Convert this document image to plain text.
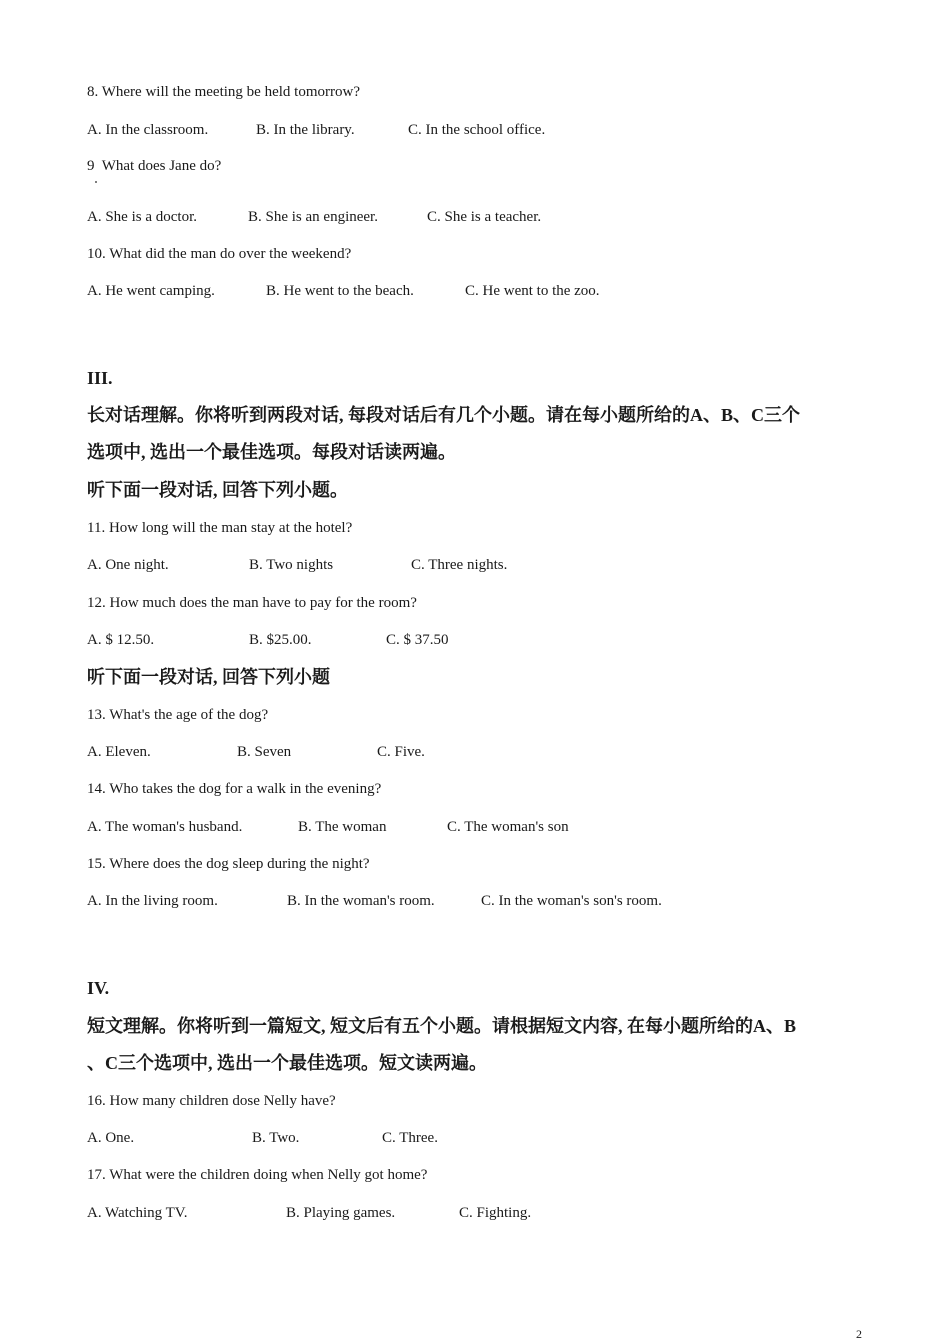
8. Where will the meeting be held tomorrow?
A. In the classroom.	B. In the library.	C. In the school office.
9  What does Jane do?
A. She is a doctor.	B. She is an engineer.	C. She is a teacher.
10. What did the man do over the weekend?
A. He went camping.	B. He went to the beach.	C. He went to the zoo.
III.
长对话理解。你将听到两段对话, 每段对话后有几个小题。请在每小题所给的A、B、C三个
选项中, 选出一个最佳选项。每段对话读两遍。
听下面一段对话, 回答下列小题。
11. How long will the man stay at the hotel?
A. One night.	B. Two nights	C. Three nights.
12. How much does the man have to pay for the room?
A. $ 12.50.	B. $25.00.	C. $ 37.50
听下面一段对话, 回答下列小题
13. What's the age of the dog?
A. Eleven.	B. Seven	C. Five.
14. Who takes the dog for a walk in the evening?
A. The woman's husband.	B. The woman	C. The woman's son
15. Where does the dog sleep during the night?
A. In the living room.	B. In the woman's room.	C. In the woman's son's room.
IV.
短文理解。你将听到一篇短文, 短文后有五个小题。请根据短文内容, 在每小题所给的A、B
、C三个选项中, 选出一个最佳选项。短文读两遍。
16. How many children dose Nelly have?
A. One.	B. Two.	C. Three.
17. What were the children doing when Nelly got home?
A. Watching TV.	B. Playing games.	C. Fighting.
2
